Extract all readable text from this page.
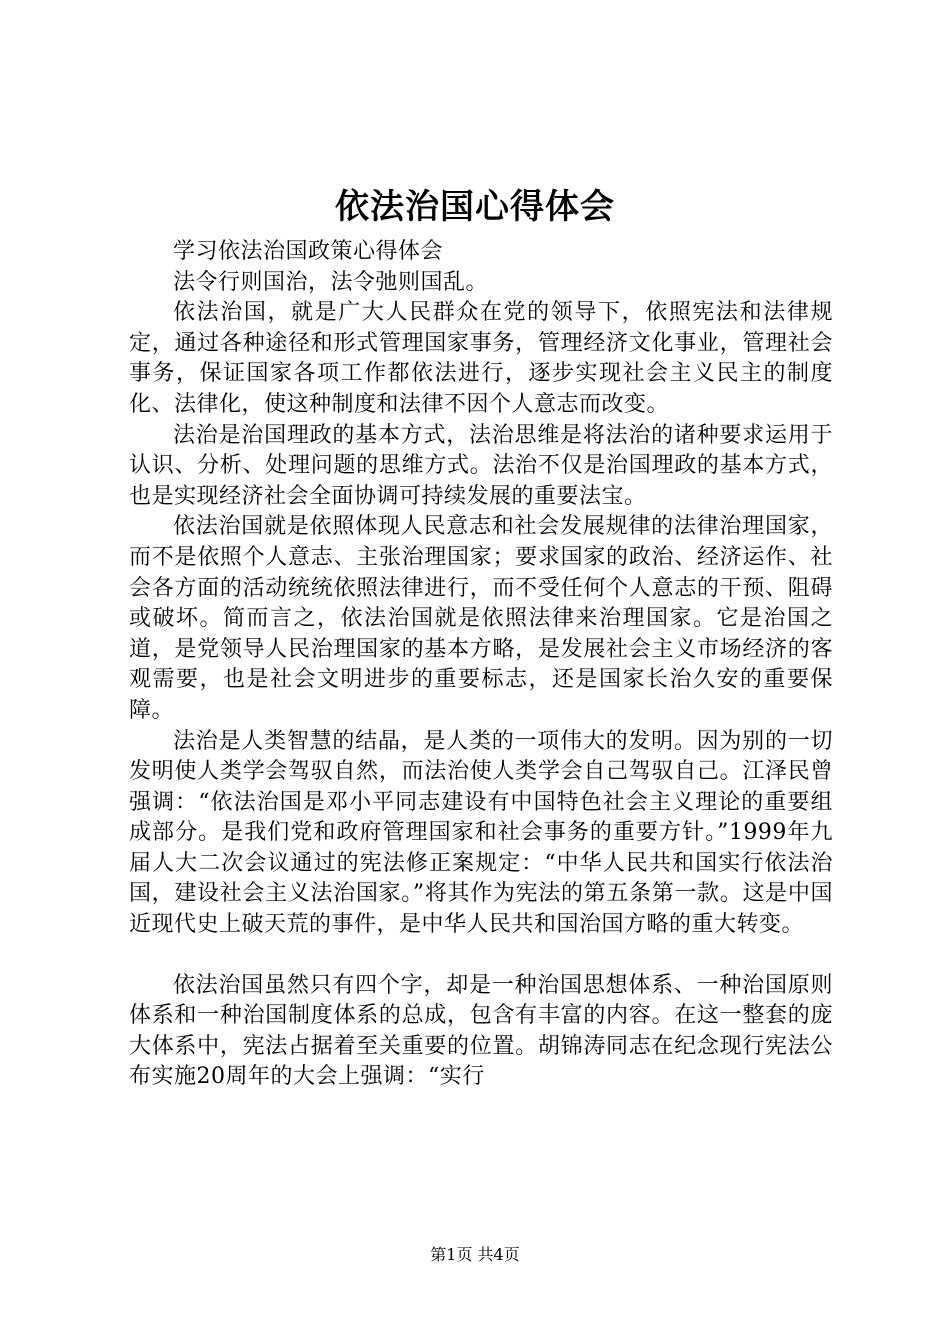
依法治国心得体会

学习依法治国政策心得体会

法令行则国治，法令弛则国乱。

依法治国，就是广大人民群众在党的领导下，依照宪法和法律规定，通过各种途径和形式管理国家事务，管理经济文化事业，管理社会事务，保证国家各项工作都依法进行，逐步实现社会主义民主的制度化、法律化，使这种制度和法律不因个人意志而改变。

法治是治国理政的基本方式，法治思维是将法治的诸种要求运用于认识、分析、处理问题的思维方式。法治不仅是治国理政的基本方式，也是实现经济社会全面协调可持续发展的重要法宝。

依法治国就是依照体现人民意志和社会发展规律的法律治理国家，而不是依照个人意志、主张治理国家；要求国家的政治、经济运作、社会各方面的活动统统依照法律进行，而不受任何个人意志的干预、阻碍或破坏。简而言之，依法治国就是依照法律来治理国家。它是治国之道，是党领导人民治理国家的基本方略，是发展社会主义市场经济的客观需要，也是社会文明进步的重要标志，还是国家长治久安的重要保障。

法治是人类智慧的结晶，是人类的一项伟大的发明。因为别的一切发明使人类学会驾驭自然，而法治使人类学会自己驾驭自己。江泽民曾强调：“依法治国是邓小平同志建设有中国特色社会主义理论的重要组成部分。是我们党和政府管理国家和社会事务的重要方针。”1999年九届人大二次会议通过的宪法修正案规定：“中华人民共和国实行依法治国，建设社会主义法治国家。”将其作为宪法的第五条第一款。这是中国近现代史上破天荒的事件，是中华人民共和国治国方略的重大转变。

依法治国虽然只有四个字，却是一种治国思想体系、一种治国原则体系和一种治国制度体系的总成，包含有丰富的内容。在这一整套的庞大体系中，宪法占据着至关重要的位置。胡锦涛同志在纪念现行宪法公布实施20周年的大会上强调：“实行

第1页 共4页
